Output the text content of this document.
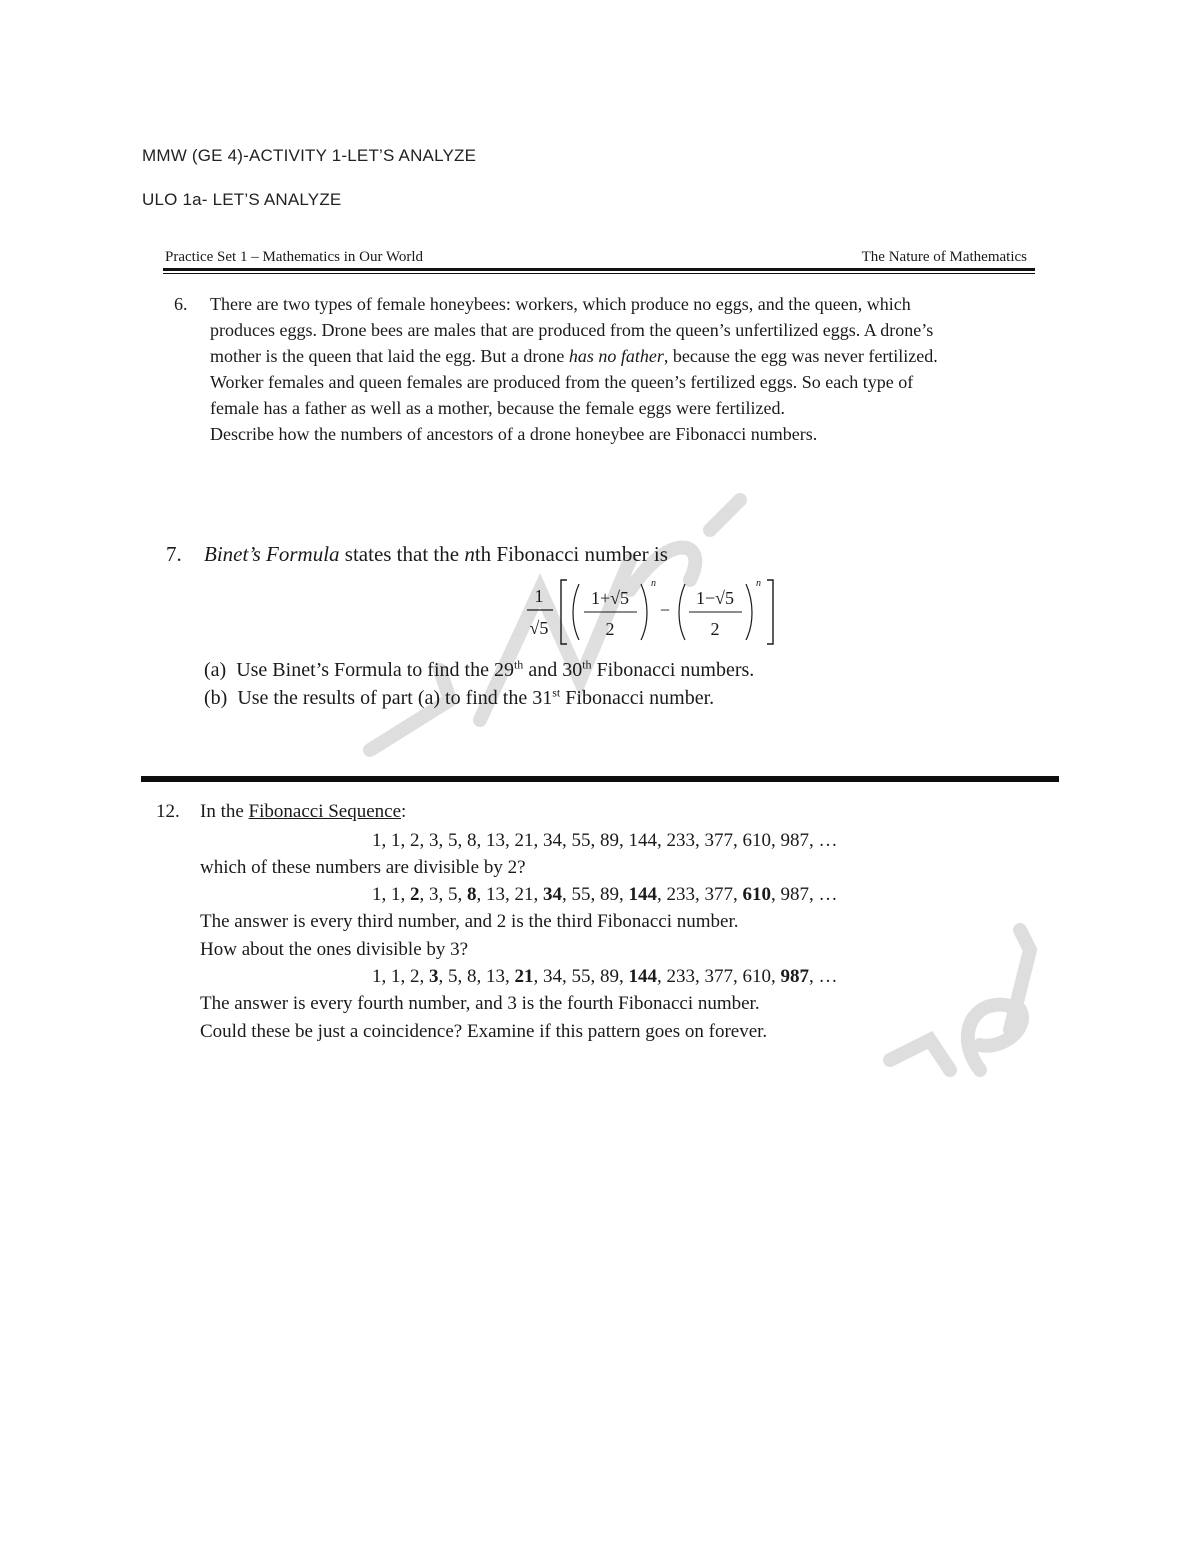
MMW (GE 4)-ACTIVITY 1-LET’S ANALYZE
ULO 1a- LET’S ANALYZE
Practice Set 1 – Mathematics in Our World	The Nature of Mathematics
6. There are two types of female honeybees: workers, which produce no eggs, and the queen, which
produces eggs. Drone bees are males that are produced from the queen’s unfertilized eggs. A drone’s
mother is the queen that laid the egg. But a drone has no father, because the egg was never fertilized.
Worker females and queen females are produced from the queen’s fertilized eggs. So each type of
female has a father as well as a mother, because the female eggs were fertilized.
Describe how the numbers of ancestors of a drone honeybee are Fibonacci numbers.
7. Binet’s Formula states that the nth Fibonacci number is
1
√5
1+√5
2
n
−
1−√5
2
n
(a) Use Binet’s Formula to find the 29th and 30th Fibonacci numbers.
(b) Use the results of part (a) to find the 31st Fibonacci number.
12. In the Fibonacci Sequence:
1, 1, 2, 3, 5, 8, 13, 21, 34, 55, 89, 144, 233, 377, 610, 987, …
which of these numbers are divisible by 2?
1, 1, 2, 3, 5, 8, 13, 21, 34, 55, 89, 144, 233, 377, 610, 987, …
The answer is every third number, and 2 is the third Fibonacci number.
How about the ones divisible by 3?
1, 1, 2, 3, 5, 8, 13, 21, 34, 55, 89, 144, 233, 377, 610, 987, …
The answer is every fourth number, and 3 is the fourth Fibonacci number.
Could these be just a coincidence? Examine if this pattern goes on forever.
